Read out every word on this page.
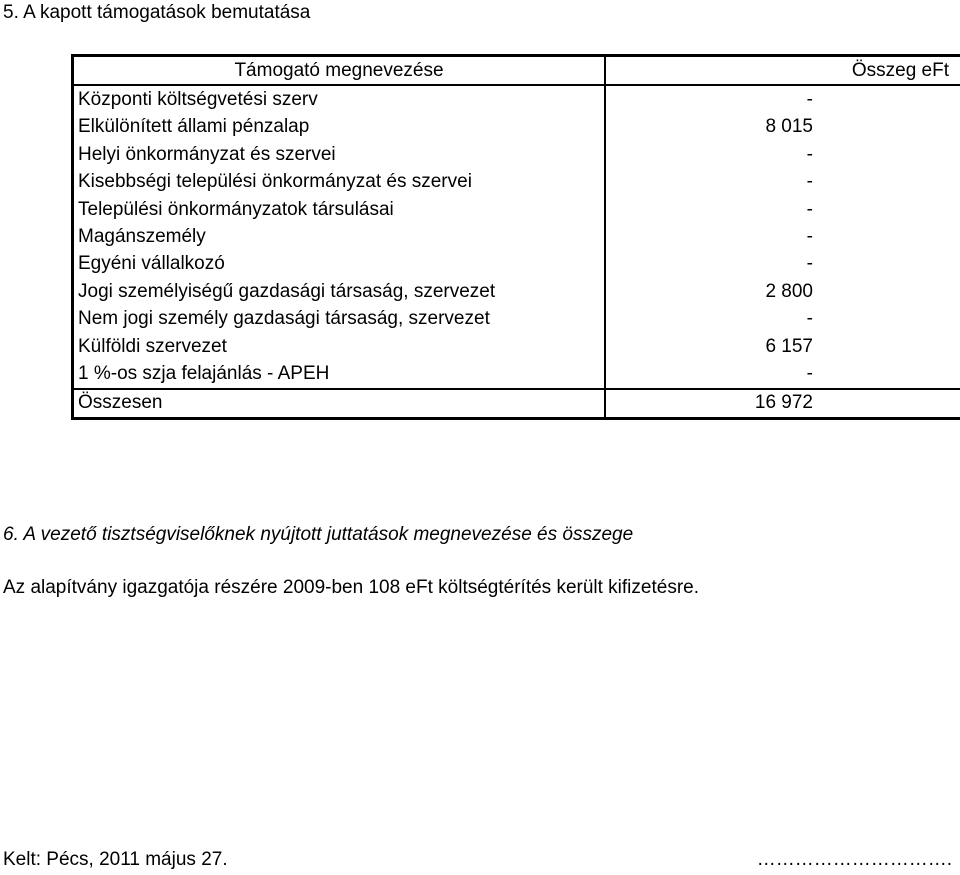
5. A kapott támogatások bemutatása
Támogató megnevezése	Összeg eFt
Központi költségvetési szerv	-
Elkülönített állami pénzalap	8 015
Helyi önkormányzat és szervei	-
Kisebbségi települési önkormányzat és szervei	-
Települési önkormányzatok társulásai	-
Magánszemély	-
Egyéni vállalkozó	-
Jogi személyiségű gazdasági társaság, szervezet	2 800
Nem jogi személy gazdasági társaság, szervezet	-
Külföldi szervezet	6 157
1 %-os szja felajánlás - APEH	-
Összesen	16 972
6. A vezető tisztségviselőknek nyújtott juttatások megnevezése és összege
Az alapítvány igazgatója részére 2009-ben 108 eFt költségtérítés került kifizetésre.
Kelt: Pécs, 2011 május 27.	………………………….
